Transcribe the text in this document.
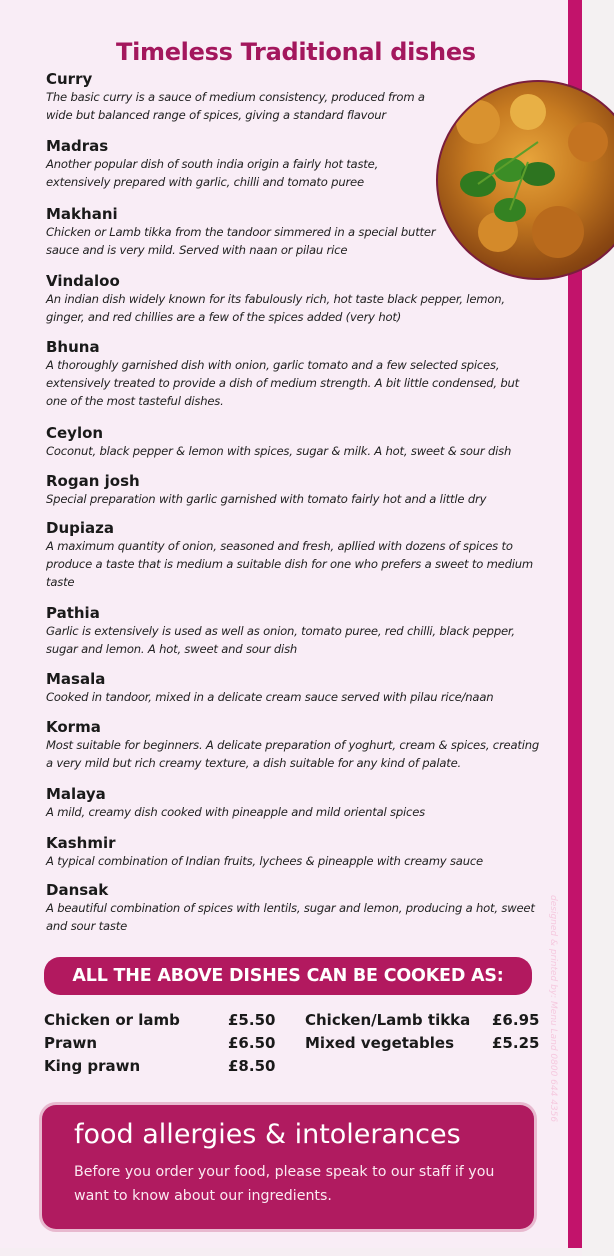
designed & printed by: Menu Land 0800 644 4356
Timeless Traditional dishes
Curry
The basic curry is a sauce of medium consistency, produced from a wide but balanced range of spices, giving a standard flavour
Madras
Another popular dish of south india origin a fairly hot taste, extensively prepared with garlic, chilli and tomato puree
Makhani
Chicken or Lamb tikka from the tandoor simmered in a special butter sauce and is very mild. Served with naan or pilau rice
Vindaloo
An indian dish widely known for its fabulously rich, hot taste black pepper, lemon, ginger, and red chillies are a few of the spices added (very hot)
Bhuna
A thoroughly garnished dish with onion, garlic tomato and a few selected spices, extensively treated to provide a dish of medium strength. A bit little condensed, but one of the most tasteful dishes.
Ceylon
Coconut, black pepper & lemon with spices, sugar & milk. A hot, sweet & sour dish
Rogan josh
Special preparation with garlic garnished with tomato fairly hot and a little dry
Dupiaza
A maximum quantity of onion, seasoned and fresh, apllied with dozens of spices to produce a taste that is medium a suitable dish for one who prefers a sweet to medium taste
Pathia
Garlic is extensively is used as well as onion, tomato puree, red chilli, black pepper, sugar and lemon. A hot, sweet and sour dish
Masala
Cooked in tandoor, mixed in a delicate cream sauce served with pilau rice/naan
Korma
Most suitable for beginners. A delicate preparation of yoghurt, cream & spices, creating a very mild but rich creamy texture, a dish suitable for any kind of palate.
Malaya
A mild, creamy dish cooked with pineapple and mild oriental spices
Kashmir
A typical combination of Indian fruits, lychees & pineapple with creamy sauce
Dansak
A beautiful combination of spices with lentils, sugar and lemon, producing a hot, sweet and sour taste
ALL THE ABOVE DISHES CAN BE COOKED AS:
Chicken or lamb	£5.50
Prawn	£6.50
King prawn	£8.50
Chicken/Lamb tikka £6.95
Mixed vegetables	£5.25
food allergies & intolerances
Before you order your food, please speak to our staff if you want to know about our ingredients.
